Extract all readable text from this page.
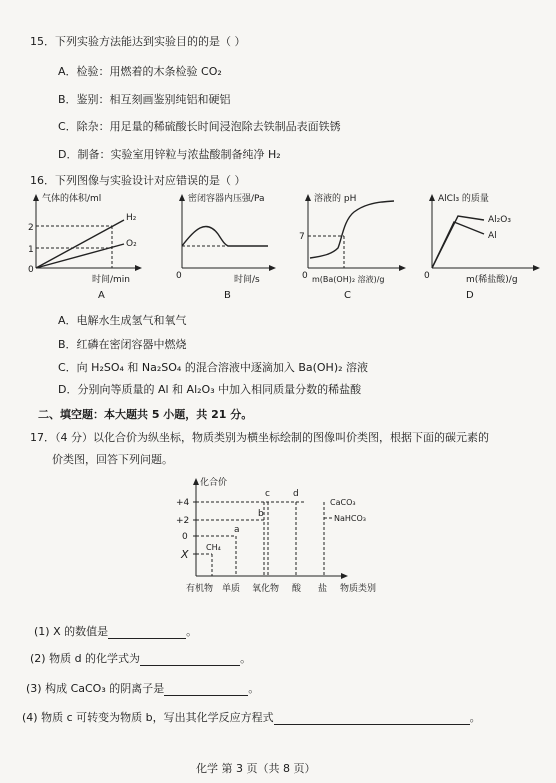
15．下列实验方法能达到实验目的的是（ ）
A．检验：用燃着的木条检验 CO₂
B．鉴别：相互刻画鉴别纯铝和硬铝
C．除杂：用足量的稀硫酸长时间浸泡除去铁制品表面铁锈
D．制备：实验室用锌粒与浓盐酸制备纯净 H₂
16．下列图像与实验设计对应错误的是（ ）
2
1
0
H₂
O₂
气体的体积/ml
时间/min
A
0
密闭容器内压强/Pa
时间/s
B
7
0
溶液的 pH
m(Ba(OH)₂ 溶液)/g
C
Al₂O₃
Al
0
AlCl₃ 的质量
m(稀盐酸)/g
D
A．电解水生成氢气和氧气
B．红磷在密闭容器中燃烧
C．向 H₂SO₄ 和 Na₂SO₄ 的混合溶液中逐滴加入 Ba(OH)₂ 溶液
D．分别向等质量的 Al 和 Al₂O₃ 中加入相同质量分数的稀盐酸
二、填空题：本大题共 5 小题，共 21 分。
17．（4 分）以化合价为纵坐标，物质类别为横坐标绘制的图像叫价类图，根据下面的碳元素的
价类图，回答下列问题。
+4
+2
0
X
化合价
CH₄
a
b
c	d
CaCO₃
NaHCO₃
有机物 单质 氧化物 酸 盐 物质类别
(1) X 的数值是	。
(2) 物质 d 的化学式为	。
(3) 构成 CaCO₃ 的阴离子是	。
(4) 物质 c 可转变为物质 b，写出其化学反应方程式	。
化学 第 3 页（共 8 页）
